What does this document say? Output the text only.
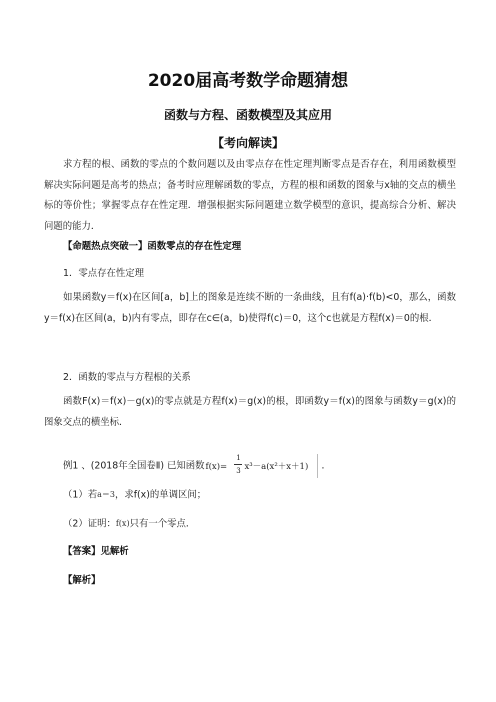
2020届高考数学命题猜想
函数与方程、函数模型及其应用
【考向解读】
求方程的根、函数的零点的个数问题以及由零点存在性定理判断零点是否存在，利用函数模型解决实际问题是高考的热点；备考时应理解函数的零点，方程的根和函数的图象与x轴的交点的横坐标的等价性；掌握零点存在性定理．增强根据实际问题建立数学模型的意识，提高综合分析、解决问题的能力．
【命题热点突破一】函数零点的存在性定理
1．零点存在性定理
如果函数y＝f(x)在区间[a，b]上的图象是连续不断的一条曲线，且有f(a)·f(b)<0，那么，函数y＝f(x)在区间(a，b)内有零点，即存在c∈(a，b)使得f(c)＝0，这个c也就是方程f(x)＝0的根．
2．函数的零点与方程根的关系
函数F(x)＝f(x)－g(x)的零点就是方程f(x)＝g(x)的根，即函数y＝f(x)的图象与函数y＝g(x)的图象交点的横坐标．
例1 、(2018年全国卷Ⅱ) 已知函数 f(x)=
1
3 x³－a(x²＋x＋1) ．
（1）若a＝3，求f(x)的单调区间；
（2）证明：f(x)只有一个零点．
【答案】见解析
【解析】
